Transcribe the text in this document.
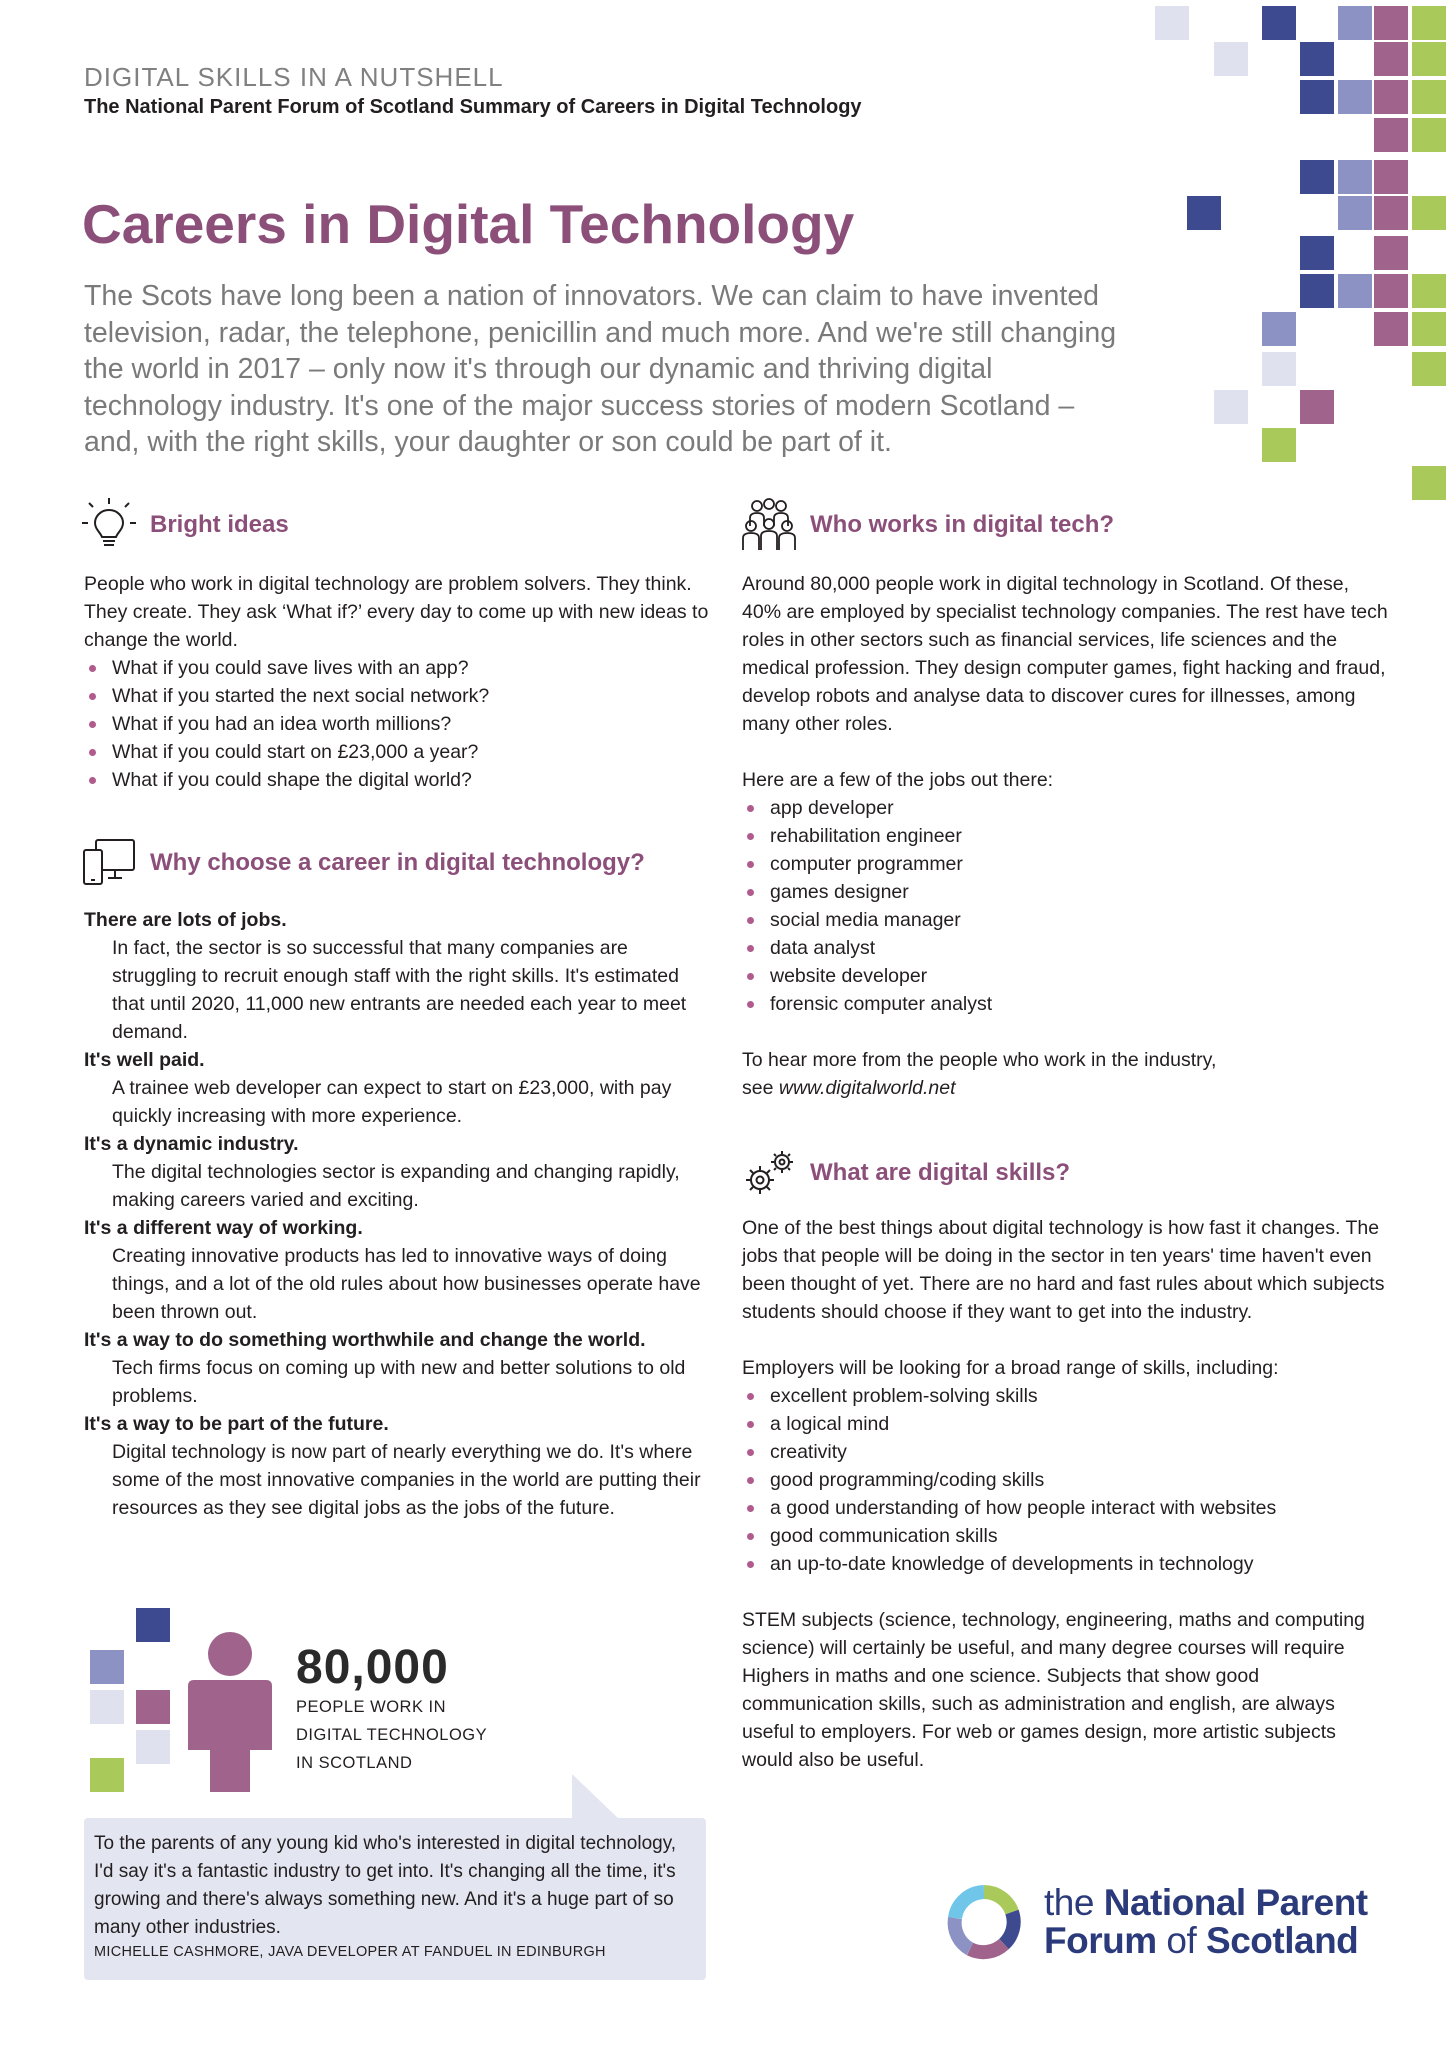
DIGITAL SKILLS IN A NUTSHELL
The National Parent Forum of Scotland Summary of Careers in Digital Technology
Careers in Digital Technology

The Scots have long been a nation of innovators. We can claim to have invented television, radar, the telephone, penicillin and much more. And we're still changing the world in 2017 – only now it's through our dynamic and thriving digital technology industry. It's one of the major success stories of modern Scotland – and, with the right skills, your daughter or son could be part of it.

Bright ideas

People who work in digital technology are problem solvers. They think. They create. They ask ‘What if?’ every day to come up with new ideas to change the world.

What if you could save lives with an app?
What if you started the next social network?
What if you had an idea worth millions?
What if you could start on £23,000 a year?
What if you could shape the digital world?
Why choose a career in digital technology?
There are lots of jobs.
In fact, the sector is so successful that many companies are struggling to recruit enough staff with the right skills. It's estimated that until 2020, 11,000 new entrants are needed each year to meet demand.
It's well paid.
A trainee web developer can expect to start on £23,000, with pay quickly increasing with more experience.
It's a dynamic industry.
The digital technologies sector is expanding and changing rapidly, making careers varied and exciting.
It's a different way of working.
Creating innovative products has led to innovative ways of doing things, and a lot of the old rules about how businesses operate have been thrown out.
It's a way to do something worthwhile and change the world.
Tech firms focus on coming up with new and better solutions to old problems.
It's a way to be part of the future.
Digital technology is now part of nearly everything we do. It's where some of the most innovative companies in the world are putting their resources as they see digital jobs as the jobs of the future.
80,000
PEOPLE WORK IN
DIGITAL TECHNOLOGY
IN SCOTLAND
To the parents of any young kid who's interested in digital technology, I'd say it's a fantastic industry to get into. It's changing all the time, it's growing and there's always something new. And it's a huge part of so many other industries.
MICHELLE CASHMORE, JAVA DEVELOPER AT FANDUEL IN EDINBURGH
Who works in digital tech?

Around 80,000 people work in digital technology in Scotland. Of these, 40% are employed by specialist technology companies. The rest have tech roles in other sectors such as financial services, life sciences and the medical profession. They design computer games, fight hacking and fraud, develop robots and analyse data to discover cures for illnesses, among many other roles.

Here are a few of the jobs out there:

app developer
rehabilitation engineer
computer programmer
games designer
social media manager
data analyst
website developer
forensic computer analyst

To hear more from the people who work in the industry,

see www.digitalworld.net

What are digital skills?

One of the best things about digital technology is how fast it changes. The jobs that people will be doing in the sector in ten years' time haven't even been thought of yet. There are no hard and fast rules about which subjects students should choose if they want to get into the industry.

Employers will be looking for a broad range of skills, including:

excellent problem-solving skills
a logical mind
creativity
good programming/coding skills
a good understanding of how people interact with websites
good communication skills
an up-to-date knowledge of developments in technology

STEM subjects (science, technology, engineering, maths and computing science) will certainly be useful, and many degree courses will require Highers in maths and one science. Subjects that show good communication skills, such as administration and english, are always useful to employers. For web or games design, more artistic subjects would also be useful.

the National Parent
Forum of Scotland
